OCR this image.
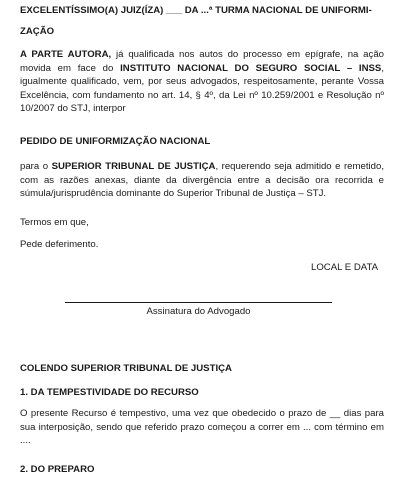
EXCELENTÍSSIMO(A) JUIZ(ÍZA) ___ DA ...ª TURMA NACIONAL DE UNIFORMI-
ZAÇÃO

A PARTE AUTORA, já qualificada nos autos do processo em epígrafe, na ação movida em face do INSTITUTO NACIONAL DO SEGURO SOCIAL – INSS, igualmente qualificado, vem, por seus advogados, respeitosamente, perante Vossa Excelência, com fundamento no art. 14, § 4º, da Lei nº 10.259/2001 e Resolução nº 10/2007 do STJ, interpor

PEDIDO DE UNIFORMIZAÇÃO NACIONAL

para o SUPERIOR TRIBUNAL DE JUSTIÇA, requerendo seja admitido e remetido, com as razões anexas, diante da divergência entre a decisão ora recorrida e súmula/jurisprudência dominante do Superior Tribunal de Justiça – STJ.

Termos em que,
Pede deferimento.
LOCAL E DATA
Assinatura do Advogado
COLENDO SUPERIOR TRIBUNAL DE JUSTIÇA
1. DA TEMPESTIVIDADE DO RECURSO

O presente Recurso é tempestivo, uma vez que obedecido o prazo de __ dias para sua interposição, sendo que referido prazo começou a correr em ... com término em ....

2. DO PREPARO
